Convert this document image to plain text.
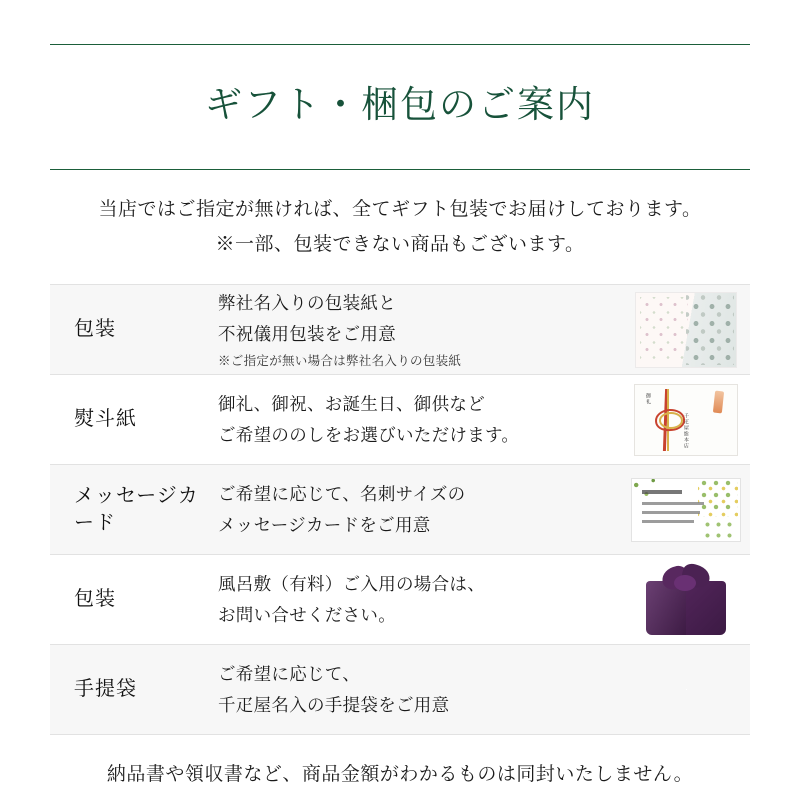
ギフト・梱包のご案内
当店ではご指定が無ければ、全てギフト包装でお届けしております。
※一部、包装できない商品もございます。
包装
弊社名入りの包装紙と
不祝儀用包装をご用意
※ご指定が無い場合は弊社名入りの包装紙
熨斗紙
御礼、御祝、お誕生日、御供など
ご希望ののしをお選びいただけます。
御礼
千疋屋総本店
メッセージカード
ご希望に応じて、名刺サイズの
メッセージカードをご用意
包装
風呂敷（有料）ご入用の場合は、
お問い合せください。
手提袋
ご希望に応じて、
千疋屋名入の手提袋をご用意
納品書や領収書など、商品金額がわかるものは同封いたしません。
